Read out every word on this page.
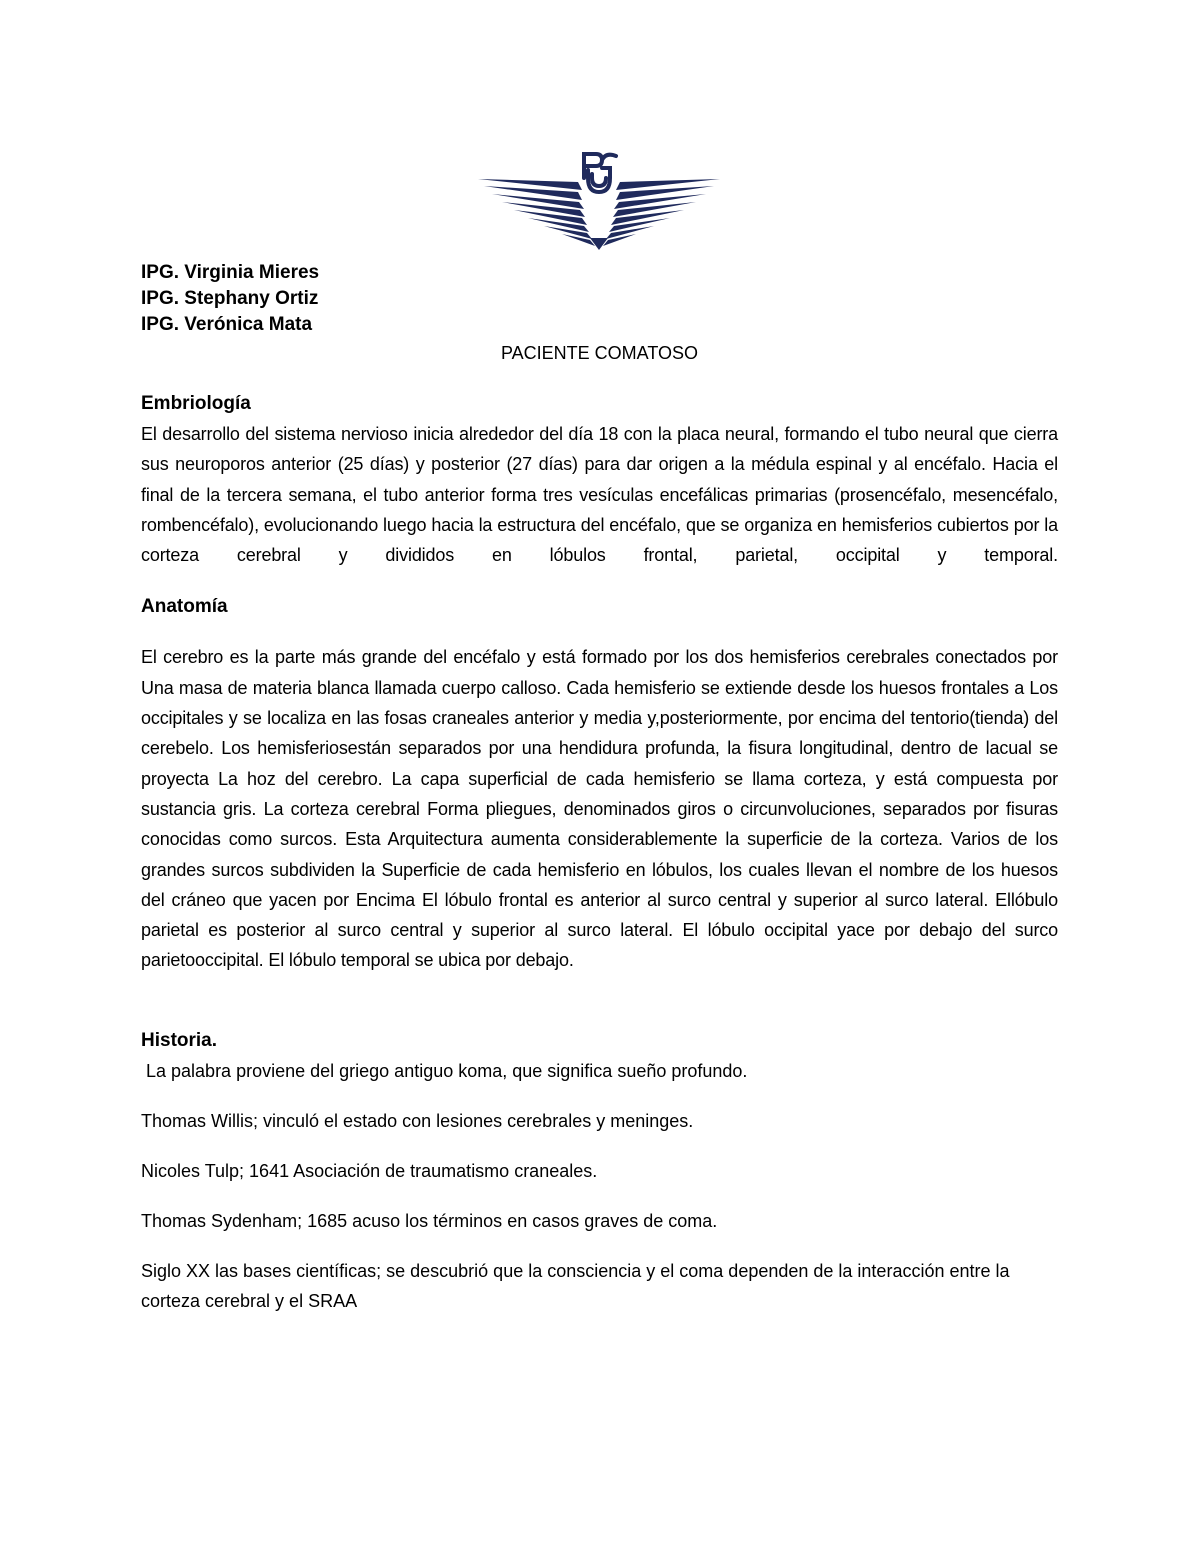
IPG. Virginia Mieres

IPG. Stephany Ortiz

IPG. Verónica Mata

PACIENTE COMATOSO

Embriología

El desarrollo del sistema nervioso inicia alrededor del día 18 con la placa neural, formando el tubo neural que cierra sus neuroporos anterior (25 días) y posterior (27 días) para dar origen a la médula espinal y al encéfalo. Hacia el final de la tercera semana, el tubo anterior forma tres vesículas encefálicas primarias (prosencéfalo, mesencéfalo, rombencéfalo), evolucionando luego hacia la estructura del encéfalo, que se organiza en hemisferios cubiertos por la corteza cerebral y divididos en lóbulos frontal, parietal, occipital y temporal.

Anatomía

El cerebro es la parte más grande del encéfalo y está formado por los dos hemisferios cerebrales conectados por Una masa de materia blanca llamada cuerpo calloso. Cada hemisferio se extiende desde los huesos frontales a Los occipitales y se localiza en las fosas craneales anterior y media y,posteriormente, por encima del tentorio(tienda) del cerebelo. Los hemisferiosestán separados por una hendidura profunda, la fisura longitudinal, dentro de lacual se proyecta La hoz del cerebro. La capa superficial de cada hemisferio se llama corteza, y está compuesta por sustancia gris. La corteza cerebral Forma pliegues, denominados giros o circunvoluciones, separados por fisuras conocidas como surcos. Esta Arquitectura aumenta considerablemente la superficie de la corteza. Varios de los grandes surcos subdividen la Superficie de cada hemisferio en lóbulos, los cuales llevan el nombre de los huesos del cráneo que yacen por Encima El lóbulo frontal es anterior al surco central y superior al surco lateral. Ellóbulo parietal es posterior al surco central y superior al surco lateral. El lóbulo occipital yace por debajo del surco parietooccipital. El lóbulo temporal se ubica por debajo.

Historia.

La palabra proviene del griego antiguo koma, que significa sueño profundo.

Thomas Willis; vinculó el estado con lesiones cerebrales y meninges.

Nicoles Tulp; 1641 Asociación de traumatismo craneales.

Thomas Sydenham; 1685 acuso los términos en casos graves de coma.

Siglo XX las bases científicas; se descubrió que la consciencia y el coma dependen de la interacción entre la corteza cerebral y el SRAA
